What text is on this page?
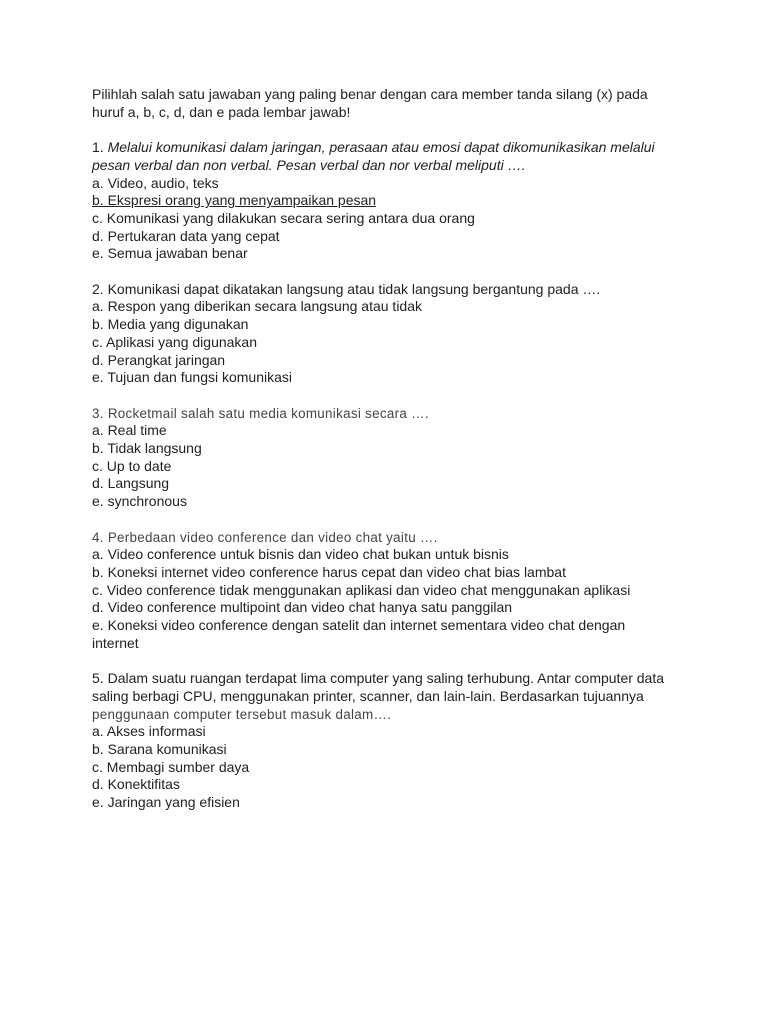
Pilihlah salah satu jawaban yang paling benar dengan cara member tanda silang (x) pada
huruf a, b, c, d, dan e pada lembar jawab!
1. Melalui komunikasi dalam jaringan, perasaan atau emosi dapat dikomunikasikan melalui
pesan verbal dan non verbal. Pesan verbal dan nor verbal meliputi ….
a. Video, audio, teks
b. Ekspresi orang yang menyampaikan pesan
c. Komunikasi yang dilakukan secara sering antara dua orang
d. Pertukaran data yang cepat
e. Semua jawaban benar
2. Komunikasi dapat dikatakan langsung atau tidak langsung bergantung pada ….
a. Respon yang diberikan secara langsung atau tidak
b. Media yang digunakan
c. Aplikasi yang digunakan
d. Perangkat jaringan
e. Tujuan dan fungsi komunikasi
3. Rocketmail salah satu media komunikasi secara ….
a. Real time
b. Tidak langsung
c. Up to date
d. Langsung
e. synchronous
4. Perbedaan video conference dan video chat yaitu ….
a. Video conference untuk bisnis dan video chat bukan untuk bisnis
b. Koneksi internet video conference harus cepat dan video chat bias lambat
c. Video conference tidak menggunakan aplikasi dan video chat menggunakan aplikasi
d. Video conference multipoint dan video chat hanya satu panggilan
e. Koneksi video conference dengan satelit dan internet sementara video chat dengan
internet
5. Dalam suatu ruangan terdapat lima computer yang saling terhubung. Antar computer data
saling berbagi CPU, menggunakan printer, scanner, dan lain-lain. Berdasarkan tujuannya
penggunaan computer tersebut masuk dalam….
a. Akses informasi
b. Sarana komunikasi
c. Membagi sumber daya
d. Konektifitas
e. Jaringan yang efisien
